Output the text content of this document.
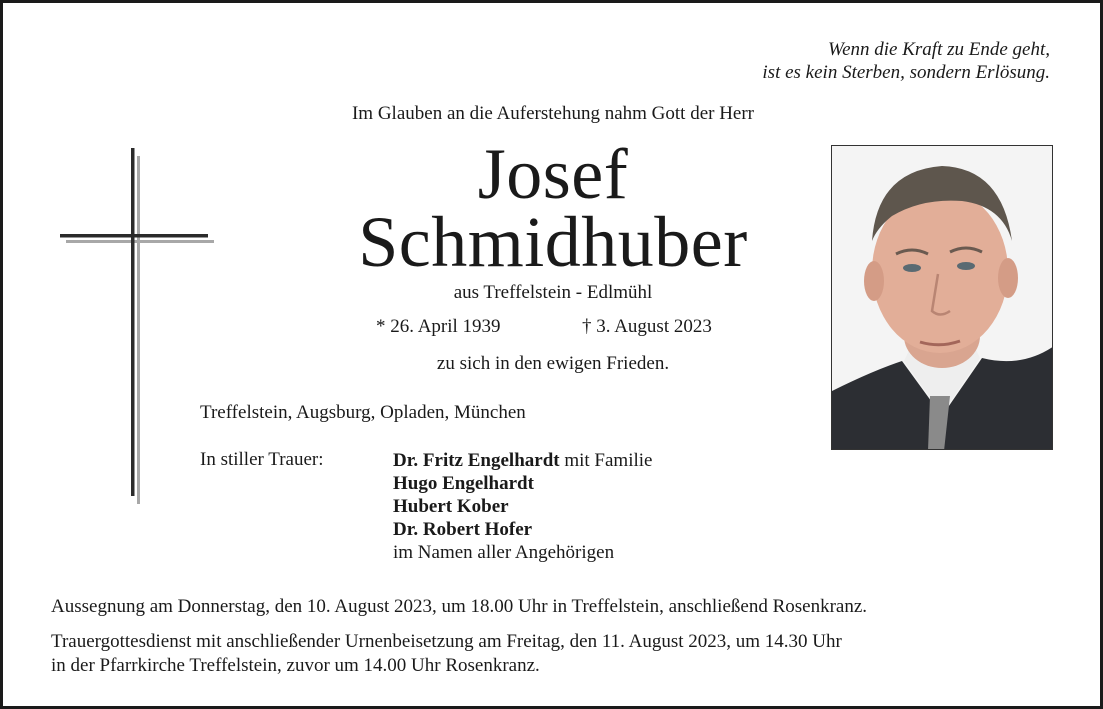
Wenn die Kraft zu Ende geht,
ist es kein Sterben, sondern Erlösung.

Im Glauben an die Auferstehung nahm Gott der Herr

Josef
Schmidhuber

aus Treffelstein - Edlmühl

* 26. April 1939	† 3. August 2023

zu sich in den ewigen Frieden.

Treffelstein, Augsburg, Opladen, München

In stiller Trauer:	Dr. Fritz Engelhardt mit Familie
Hugo Engelhardt
Hubert Kober
Dr. Robert Hofer
im Namen aller Angehörigen

Aussegnung am Donnerstag, den 10. August 2023, um 18.00 Uhr in Treffelstein, anschließend Rosenkranz.

Trauergottesdienst mit anschließender Urnenbeisetzung am Freitag, den 11. August 2023, um 14.30 Uhr
in der Pfarrkirche Treffelstein, zuvor um 14.00 Uhr Rosenkranz.
